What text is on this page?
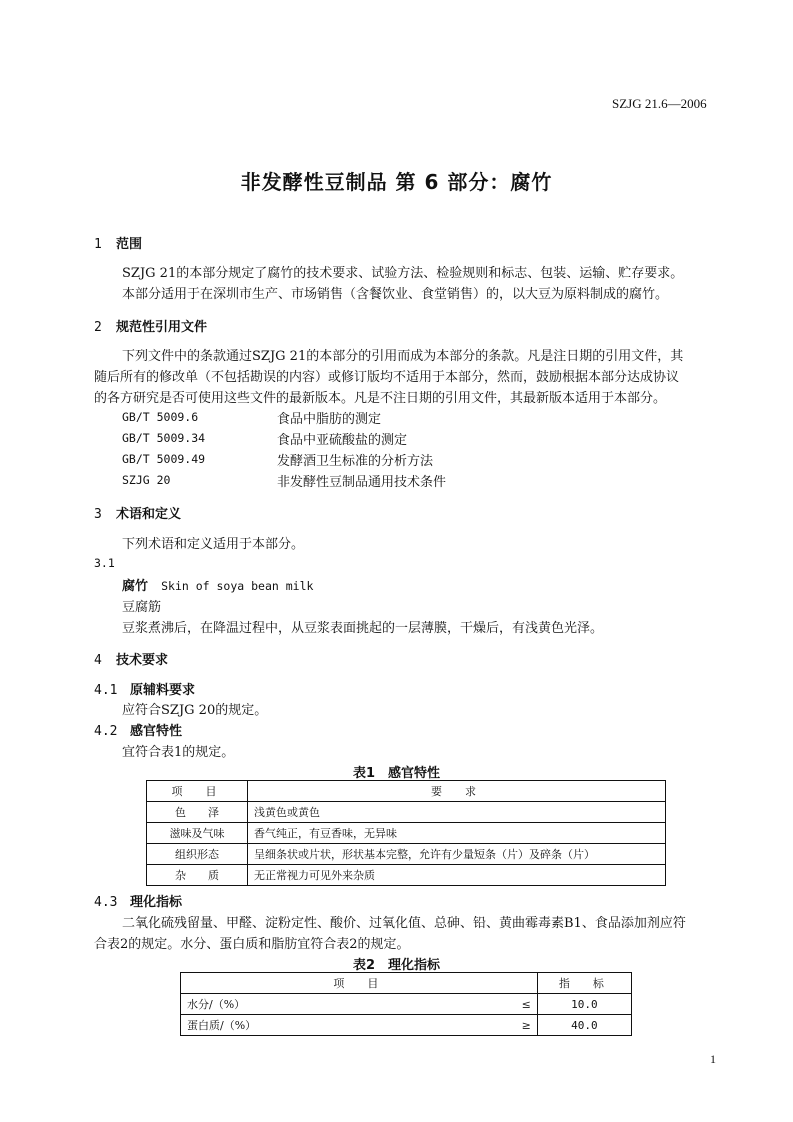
SZJG 21.6—2006
非发酵性豆制品 第 6 部分：腐竹
1 范围
SZJG 21的本部分规定了腐竹的技术要求、试验方法、检验规则和标志、包装、运输、贮存要求。
本部分适用于在深圳市生产、市场销售（含餐饮业、食堂销售）的，以大豆为原料制成的腐竹。
2 规范性引用文件
下列文件中的条款通过SZJG 21的本部分的引用而成为本部分的条款。凡是注日期的引用文件，其
随后所有的修改单（不包括勘误的内容）或修订版均不适用于本部分，然而，鼓励根据本部分达成协议
的各方研究是否可使用这些文件的最新版本。凡是不注日期的引用文件，其最新版本适用于本部分。
GB/T 5009.6	食品中脂肪的测定
GB/T 5009.34	食品中亚硫酸盐的测定
GB/T 5009.49	发酵酒卫生标准的分析方法
SZJG 20	非发酵性豆制品通用技术条件
3 术语和定义
下列术语和定义适用于本部分。
3.1
腐竹 Skin of soya bean milk
豆腐筋
豆浆煮沸后，在降温过程中，从豆浆表面挑起的一层薄膜，干燥后，有浅黄色光泽。
4 技术要求
4.1 原辅料要求
应符合SZJG 20的规定。
4.2 感官特性
宜符合表1的规定。
表1　感官特性
项　目	要　求
色　　泽	浅黄色或黄色
滋味及气味	香气纯正，有豆香味，无异味
组织形态	呈细条状或片状，形状基本完整，允许有少量短条（片）及碎条（片）
杂　　质	无正常视力可见外来杂质
4.3 理化指标
二氧化硫残留量、甲醛、淀粉定性、酸价、过氧化值、总砷、铅、黄曲霉毒素B1、食品添加剂应符
合表2的规定。水分、蛋白质和脂肪宜符合表2的规定。
表2　理化指标
项　目		指　标
水分/（%）	≤	10.0
蛋白质/（%）	≥	40.0
1
